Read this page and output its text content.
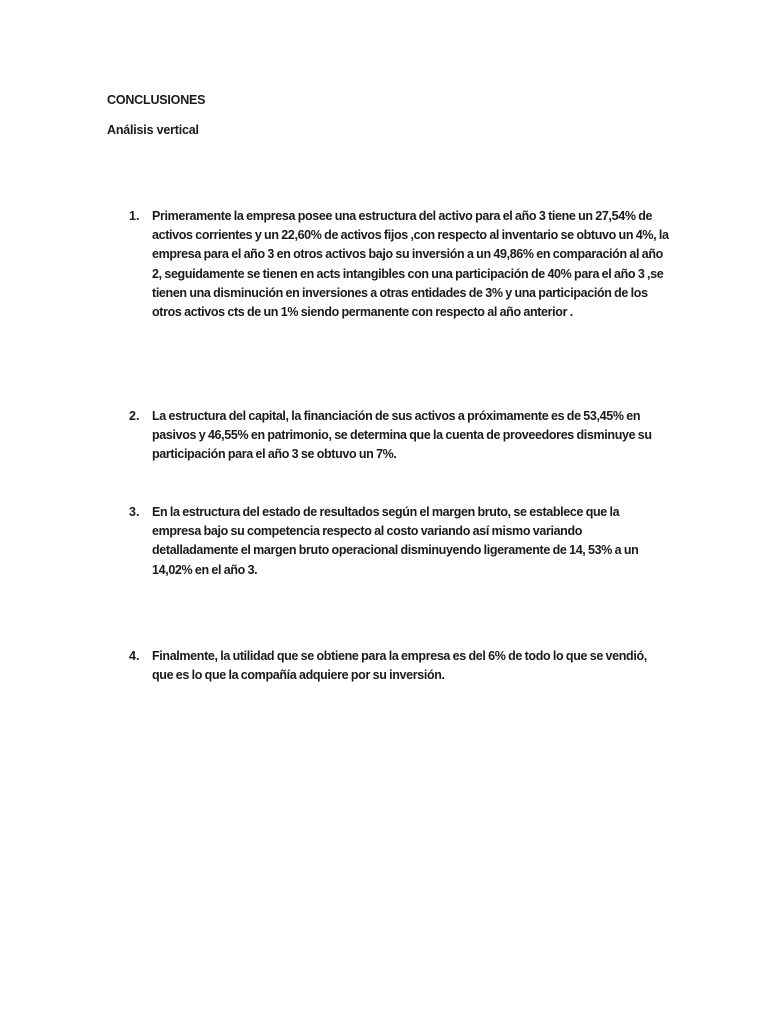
CONCLUSIONES
Análisis vertical
1. Primeramente la empresa posee una estructura del activo para el año 3 tiene un 27,54% de activos corrientes y un 22,60% de activos fijos ,con respecto al inventario se obtuvo un 4%, la empresa para el año 3 en otros activos bajo su inversión a un 49,86% en comparación al año 2, seguidamente se tienen en acts intangibles con una participación de 40% para el año 3 ,se tienen una disminución en inversiones a otras entidades de 3% y una participación de los otros activos cts de un 1% siendo permanente con respecto al año anterior .
2. La estructura del capital, la financiación de sus activos a próximamente es de 53,45% en pasivos y 46,55% en patrimonio, se determina que la cuenta de proveedores disminuye su participación para el año 3 se obtuvo un 7%.
3. En la estructura del estado de resultados según el margen bruto, se establece que la empresa bajo su competencia respecto al costo variando así mismo variando detalladamente el margen bruto operacional disminuyendo ligeramente de 14, 53% a un 14,02% en el año 3.
4. Finalmente, la utilidad que se obtiene para la empresa es del 6% de todo lo que se vendió, que es lo que la compañía adquiere por su inversión.
